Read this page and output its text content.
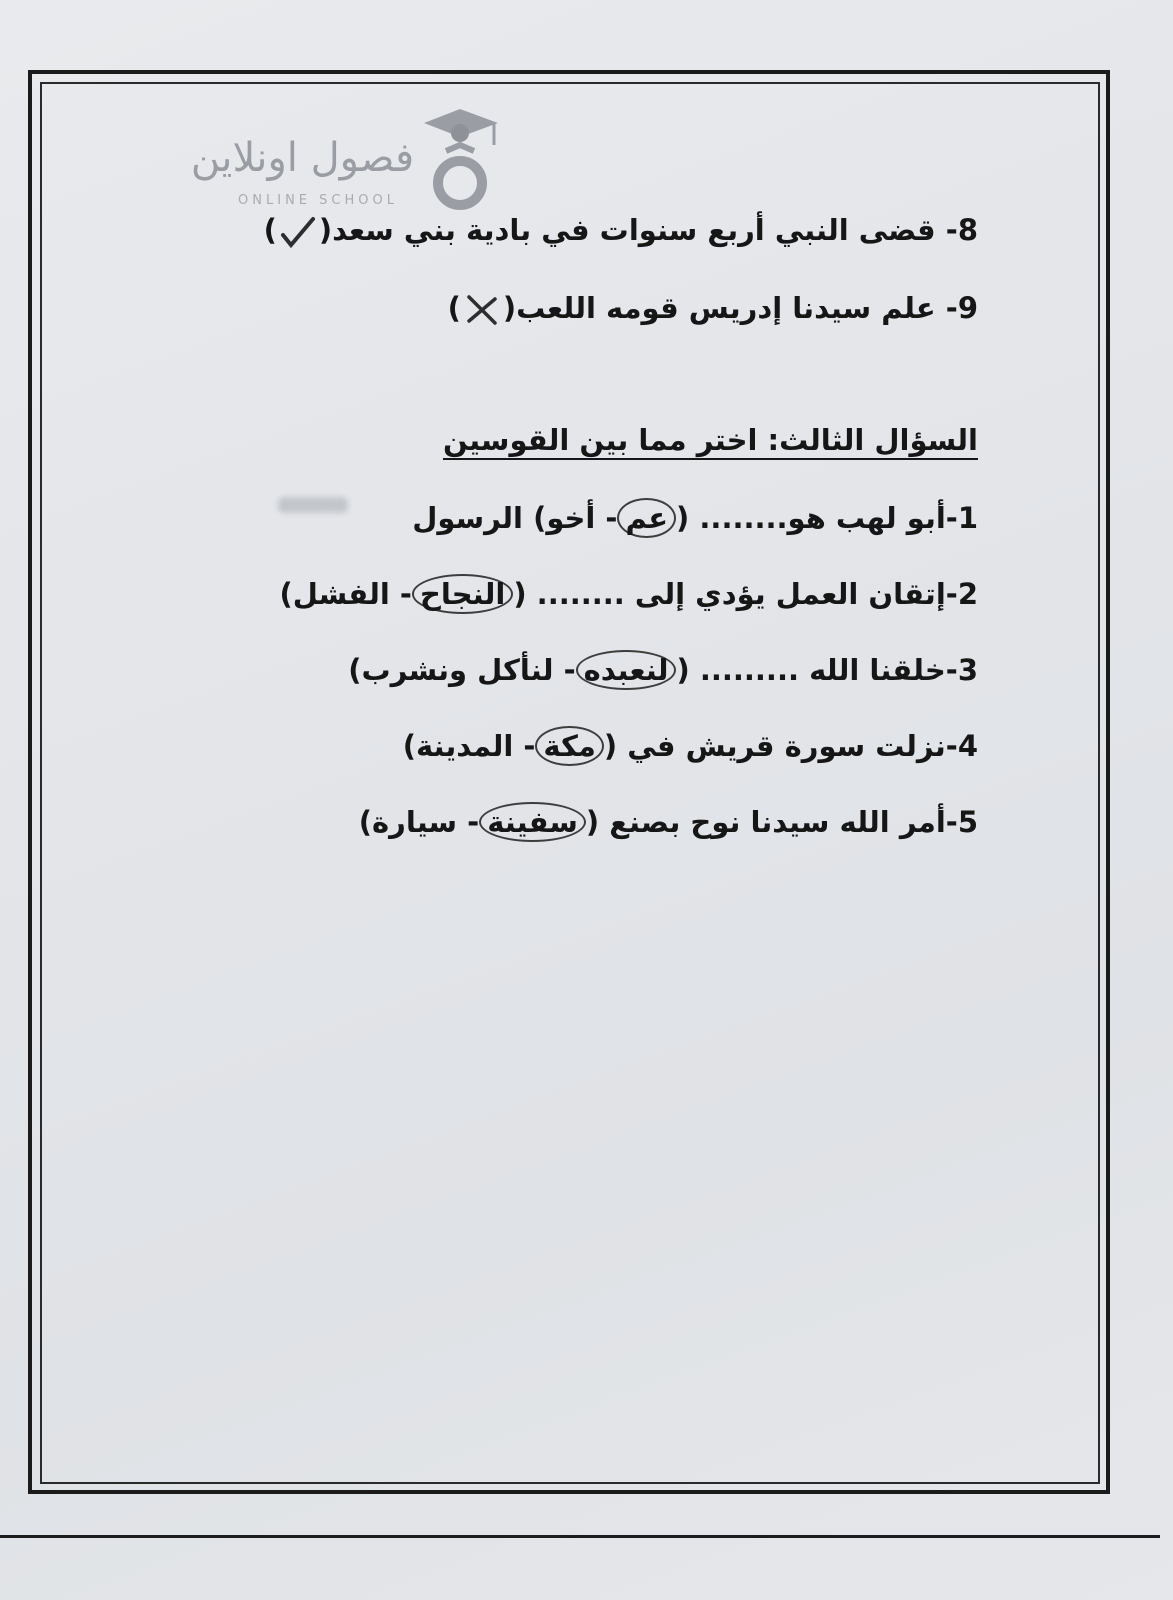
فصول اونلاين
ONLINE SCHOOL
8- قضى النبي أربع سنوات في بادية بني سعد()
9- علم سيدنا إدريس قومه اللعب()
السؤال الثالث: اختر مما بين القوسين
1-أبو لهب هو........ (عم- أخو) الرسول
2-إتقان العمل يؤدي إلى ........ (النجاح- الفشل)
3-خلقنا الله ......... (لنعبده- لنأكل ونشرب)
4-نزلت سورة قريش في (مكة- المدينة)
5-أمر الله سيدنا نوح بصنع (سفينة- سيارة)
